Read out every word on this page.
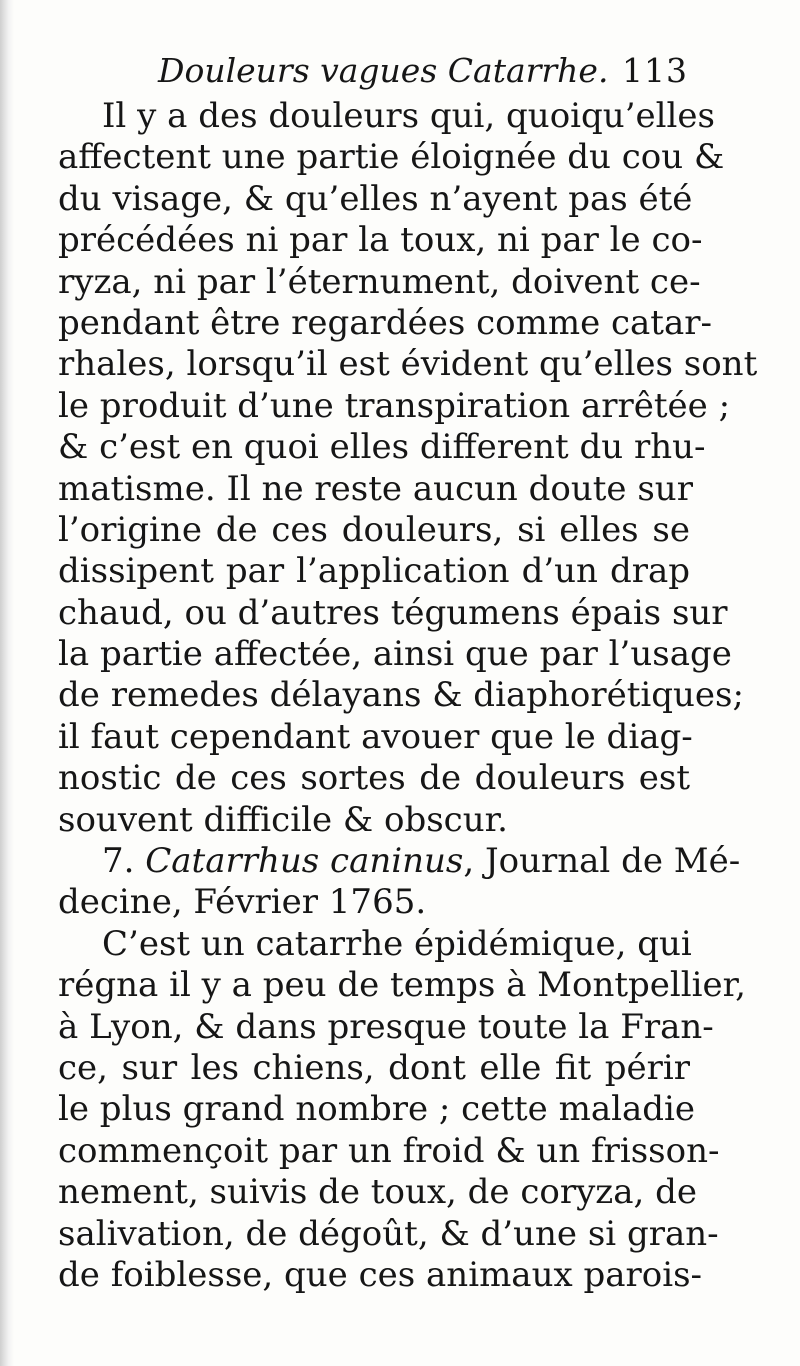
Douleurs vagues Catarrhe. 113
Il y a des douleurs qui, quoiqu’elles
affectent une partie éloignée du cou &
du visage, & qu’elles n’ayent pas été
précédées ni par la toux, ni par le co-
ryza, ni par l’éternument, doivent ce-
pendant être regardées comme catar-
rhales, lorsqu’il est évident qu’elles sont
le produit d’une transpiration arrêtée ;
& c’est en quoi elles different du rhu-
matisme. Il ne reste aucun doute sur
l’origine de ces douleurs, si elles se
dissipent par l’application d’un drap
chaud, ou d’autres tégumens épais sur
la partie affectée, ainsi que par l’usage
de remedes délayans & diaphorétiques;
il faut cependant avouer que le diag-
nostic de ces sortes de douleurs est
souvent difficile & obscur.
7. Catarrhus caninus, Journal de Mé-
decine, Février 1765.
C’est un catarrhe épidémique, qui
régna il y a peu de temps à Montpellier,
à Lyon, & dans presque toute la Fran-
ce, sur les chiens, dont elle fit périr
le plus grand nombre ; cette maladie
commençoit par un froid & un frisson-
nement, suivis de toux, de coryza, de
salivation, de dégoût, & d’une si gran-
de foiblesse, que ces animaux parois-
